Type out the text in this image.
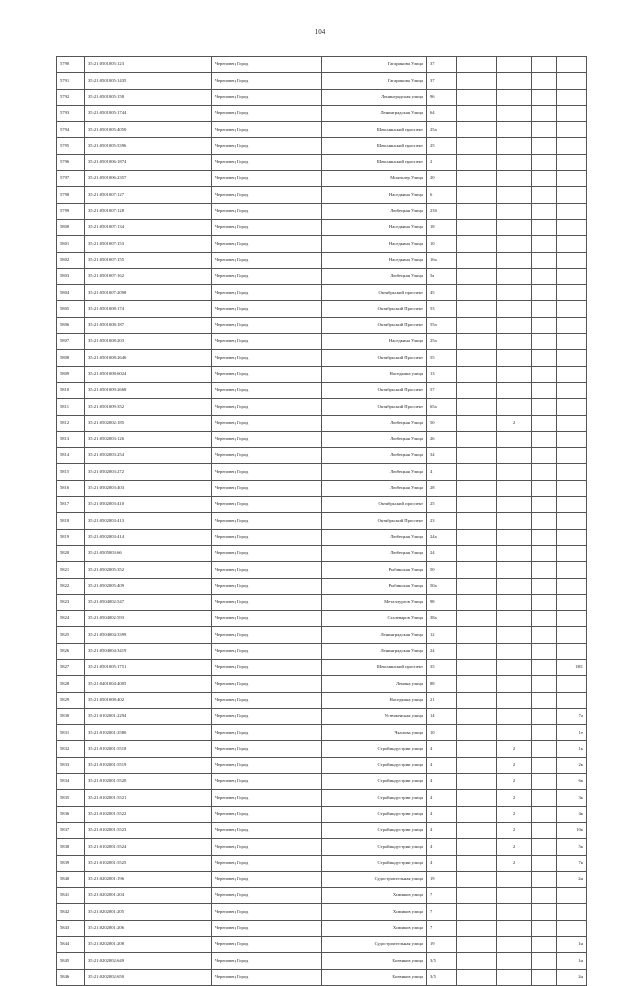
104
5790	35:21:0501005:123	Череповец Город	Гагаринова Улица	37				
5791	35:21:0501005:1435	Череповец Город	Гагаринова Улица	37				
5792	35:21:0501005:158	Череповец Город	Ленинградская улица	96				
5793	35:21:0501005:1744	Череповец Город	Ленинградская Улица	64				
5794	35:21:0501005:4050	Череповец Город	Шекснинский проспект	25а				
5795	35:21:0501005:5396	Череповец Город	Шекснинский проспект	25				
5796	35:21:0501006:1874	Череповец Город	Шекснинский проспект	2				
5797	35:21:0501006:2357	Череповец Город	Монтклер Улица	20				
5798	35:21:0501007:127	Череповец Город	Наседкина Улица	6				
5799	35:21:0501007:128	Череповец Город	Любецкая Улица	23б				
5800	35:21:0501007:134	Череповец Город	Наседкина Улица	18				
5801	35:21:0501007:153	Череповец Город	Наседкина Улица	10				
5802	35:21:0501007:155	Череповец Город	Наседкина Улица	16а				
5803	35:21:0501007:162	Череповец Город	Любецкая Улица	5а				
5804	35:21:0501007:2098	Череповец Город	Октябрьский проспект	45				
5805	35:21:0501008:174	Череповец Город	Октябрьский Проспект	53				
5806	35:21:0501008:187	Череповец Город	Октябрьский Проспект	55а				
5807	35:21:0501008:203	Череповец Город	Наседкина Улица	25а				
5808	35:21:0501008:2646	Череповец Город	Октябрьский Проспект	55				
5809	35:21:0501008:6024	Череповец Город	Наседкина улица	13				
5810	35:21:0501009:2668	Череповец Город	Октябрьский Проспект	57				
5811	35:21:0501009:352	Череповец Город	Октябрьский Проспект	65а				
5812	35:21:0502002:185	Череповец Город	Любецкая Улица	50		2		
5813	35:21:0502003:126	Череповец Город	Любецкая Улица	26				
5814	35:21:0502003:254	Череповец Город	Любецкая Улица	34				
5815	35:21:0502003:272	Череповец Город	Любецкая Улица	4				
5816	35:21:0502003:403	Череповец Город	Любецкая Улица	28				
5817	35:21:0502003:410	Череповец Город	Октябрьский проспект	25				
5818	35:21:0502003:413	Череповец Город	Октябрьский Проспект	23				
5819	35:21:0502003:414	Череповец Город	Любецкая Улица	24а				
5820	35:21:0505003:66	Череповец Город	Любецкая Улица	24				
5821	35:21:0502005:352	Череповец Город	Рыбинская Улица	50				
5822	35:21:0502005:409	Череповец Город	Рыбинская Улица	50а				
5823	35:21:0504002:547	Череповец Город	Металлургов Улица	98				
5824	35:21:0504002:593	Череповец Город	Сталеваров Улица	38а				
5825	35:21:0504004:3399	Череповец Город	Ленинградская Улица	12				
5826	35:21:0504004:3419	Череповец Город	Ленинградская Улица	24				
5827	35:21:0501005:1751	Череповец Город	Шекснинский проспект	35				1Н1
5828	35:21:0401004:4005	Череповец Город	Ленина улица	88				
5829	35:21:0501008:402	Череповец Город	Наседкина улица	21				
5830	35:21:0102001:2294	Череповец Город	Устюженская улица	14				7а
5831	35:21:0102001:3580	Череповец Город	Чкалова улица	10				1е
5832	35:21:0102001:5518	Череповец Город	Стройиндустрии улица	4		2		1к
5833	35:21:0102001:5519	Череповец Город	Стройиндустрии улица	4		2		2к
5834	35:21:0102001:5520	Череповец Город	Стройиндустрии улица	4		2		6к
5835	35:21:0102001:5521	Череповец Город	Стройиндустрии улица	4		2		3к
5836	35:21:0102001:5522	Череповец Город	Стройиндустрии улица	4		2		4к
5837	35:21:0102001:5523	Череповец Город	Стройиндустрии улица	4		2		10к
5838	35:21:0102001:5524	Череповец Город	Стройиндустрии улица	4		2		5к
5839	35:21:0102001:5525	Череповец Город	Стройиндустрии улица	4		2		7к
5840	35:21:0202001:196	Череповец Город	Судостроительная улица	19				2н
5841	35:21:0202001:204	Череповец Город	Химиков улица	7				
5842	35:21:0202001:205	Череповец Город	Химиков улица	7				
5843	35:21:0202001:206	Череповец Город	Химиков улица	7				
5844	35:21:0202001:208	Череповец Город	Судостроительная улица	19				1н
5845	35:21:0202002:649	Череповец Город	Боевиков улица	3/5				1н
5846	35:21:0202002:650	Череповец Город	Боевиков улица	3/5				2н
